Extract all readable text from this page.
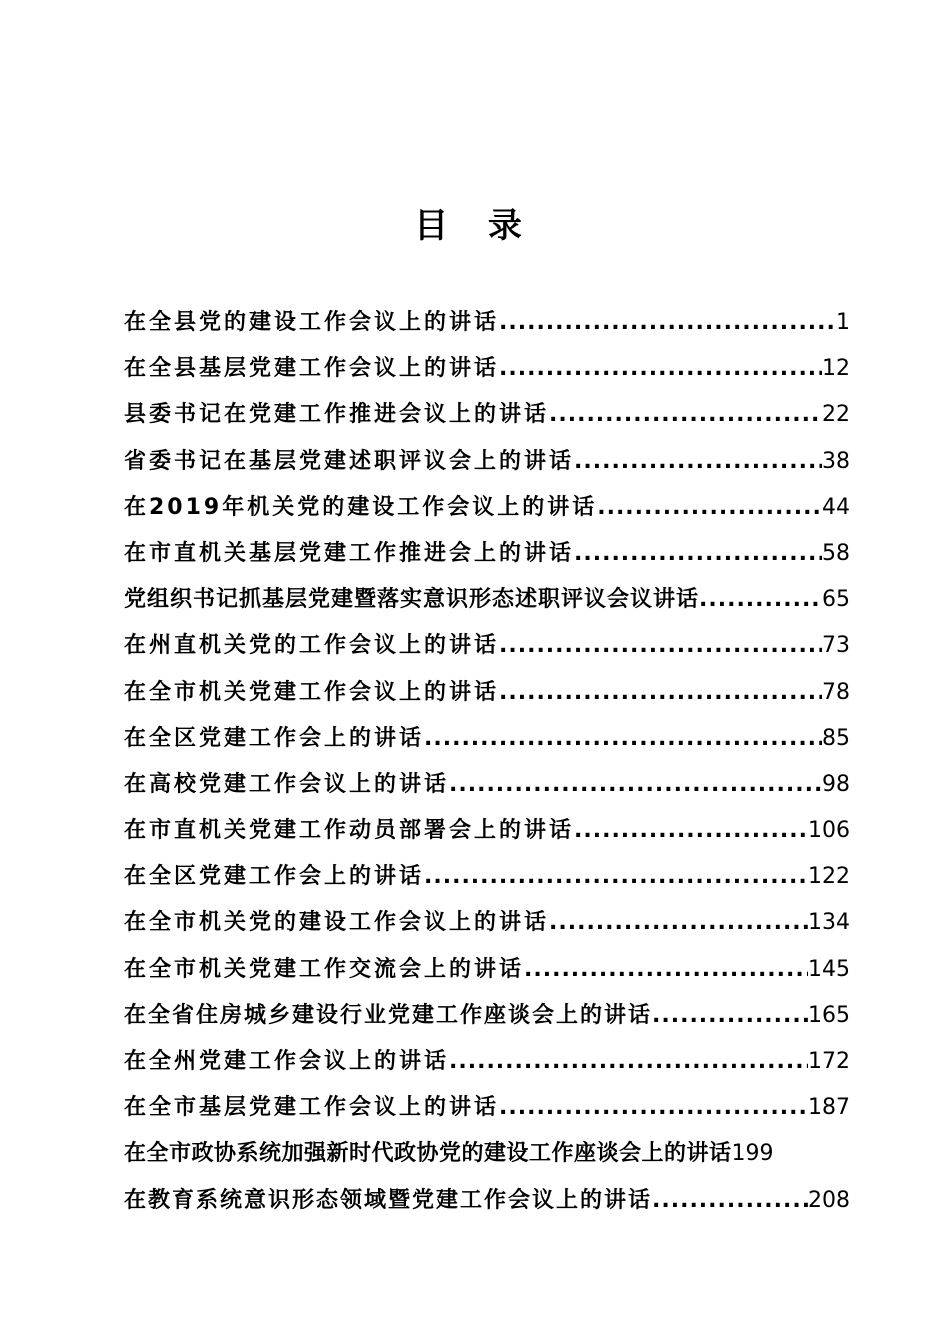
目 录
在全县党的建设工作会议上的讲话 .....	1
在全县基层党建工作会议上的讲话 .....	12
县委书记在党建工作推进会议上的讲话 .....	22
省委书记在基层党建述职评议会上的讲话 .....	38
在2019年机关党的建设工作会议上的讲话 .....	44
在市直机关基层党建工作推进会上的讲话 .....	58
党组织书记抓基层党建暨落实意识形态述职评议会议讲话 .....	65
在州直机关党的工作会议上的讲话 .....	73
在全市机关党建工作会议上的讲话 .....	78
在全区党建工作会上的讲话 .....	85
在高校党建工作会议上的讲话 .....	98
在市直机关党建工作动员部署会上的讲话 .....	106
在全区党建工作会上的讲话 .....	122
在全市机关党的建设工作会议上的讲话 .....	134
在全市机关党建工作交流会上的讲话 .....	145
在全省住房城乡建设行业党建工作座谈会上的讲话 .....	165
在全州党建工作会议上的讲话 .....	172
在全市基层党建工作会议上的讲话 .....	187
在全市政协系统加强新时代政协党的建设工作座谈会上的讲话 199
在教育系统意识形态领域暨党建工作会议上的讲话 .....	208
